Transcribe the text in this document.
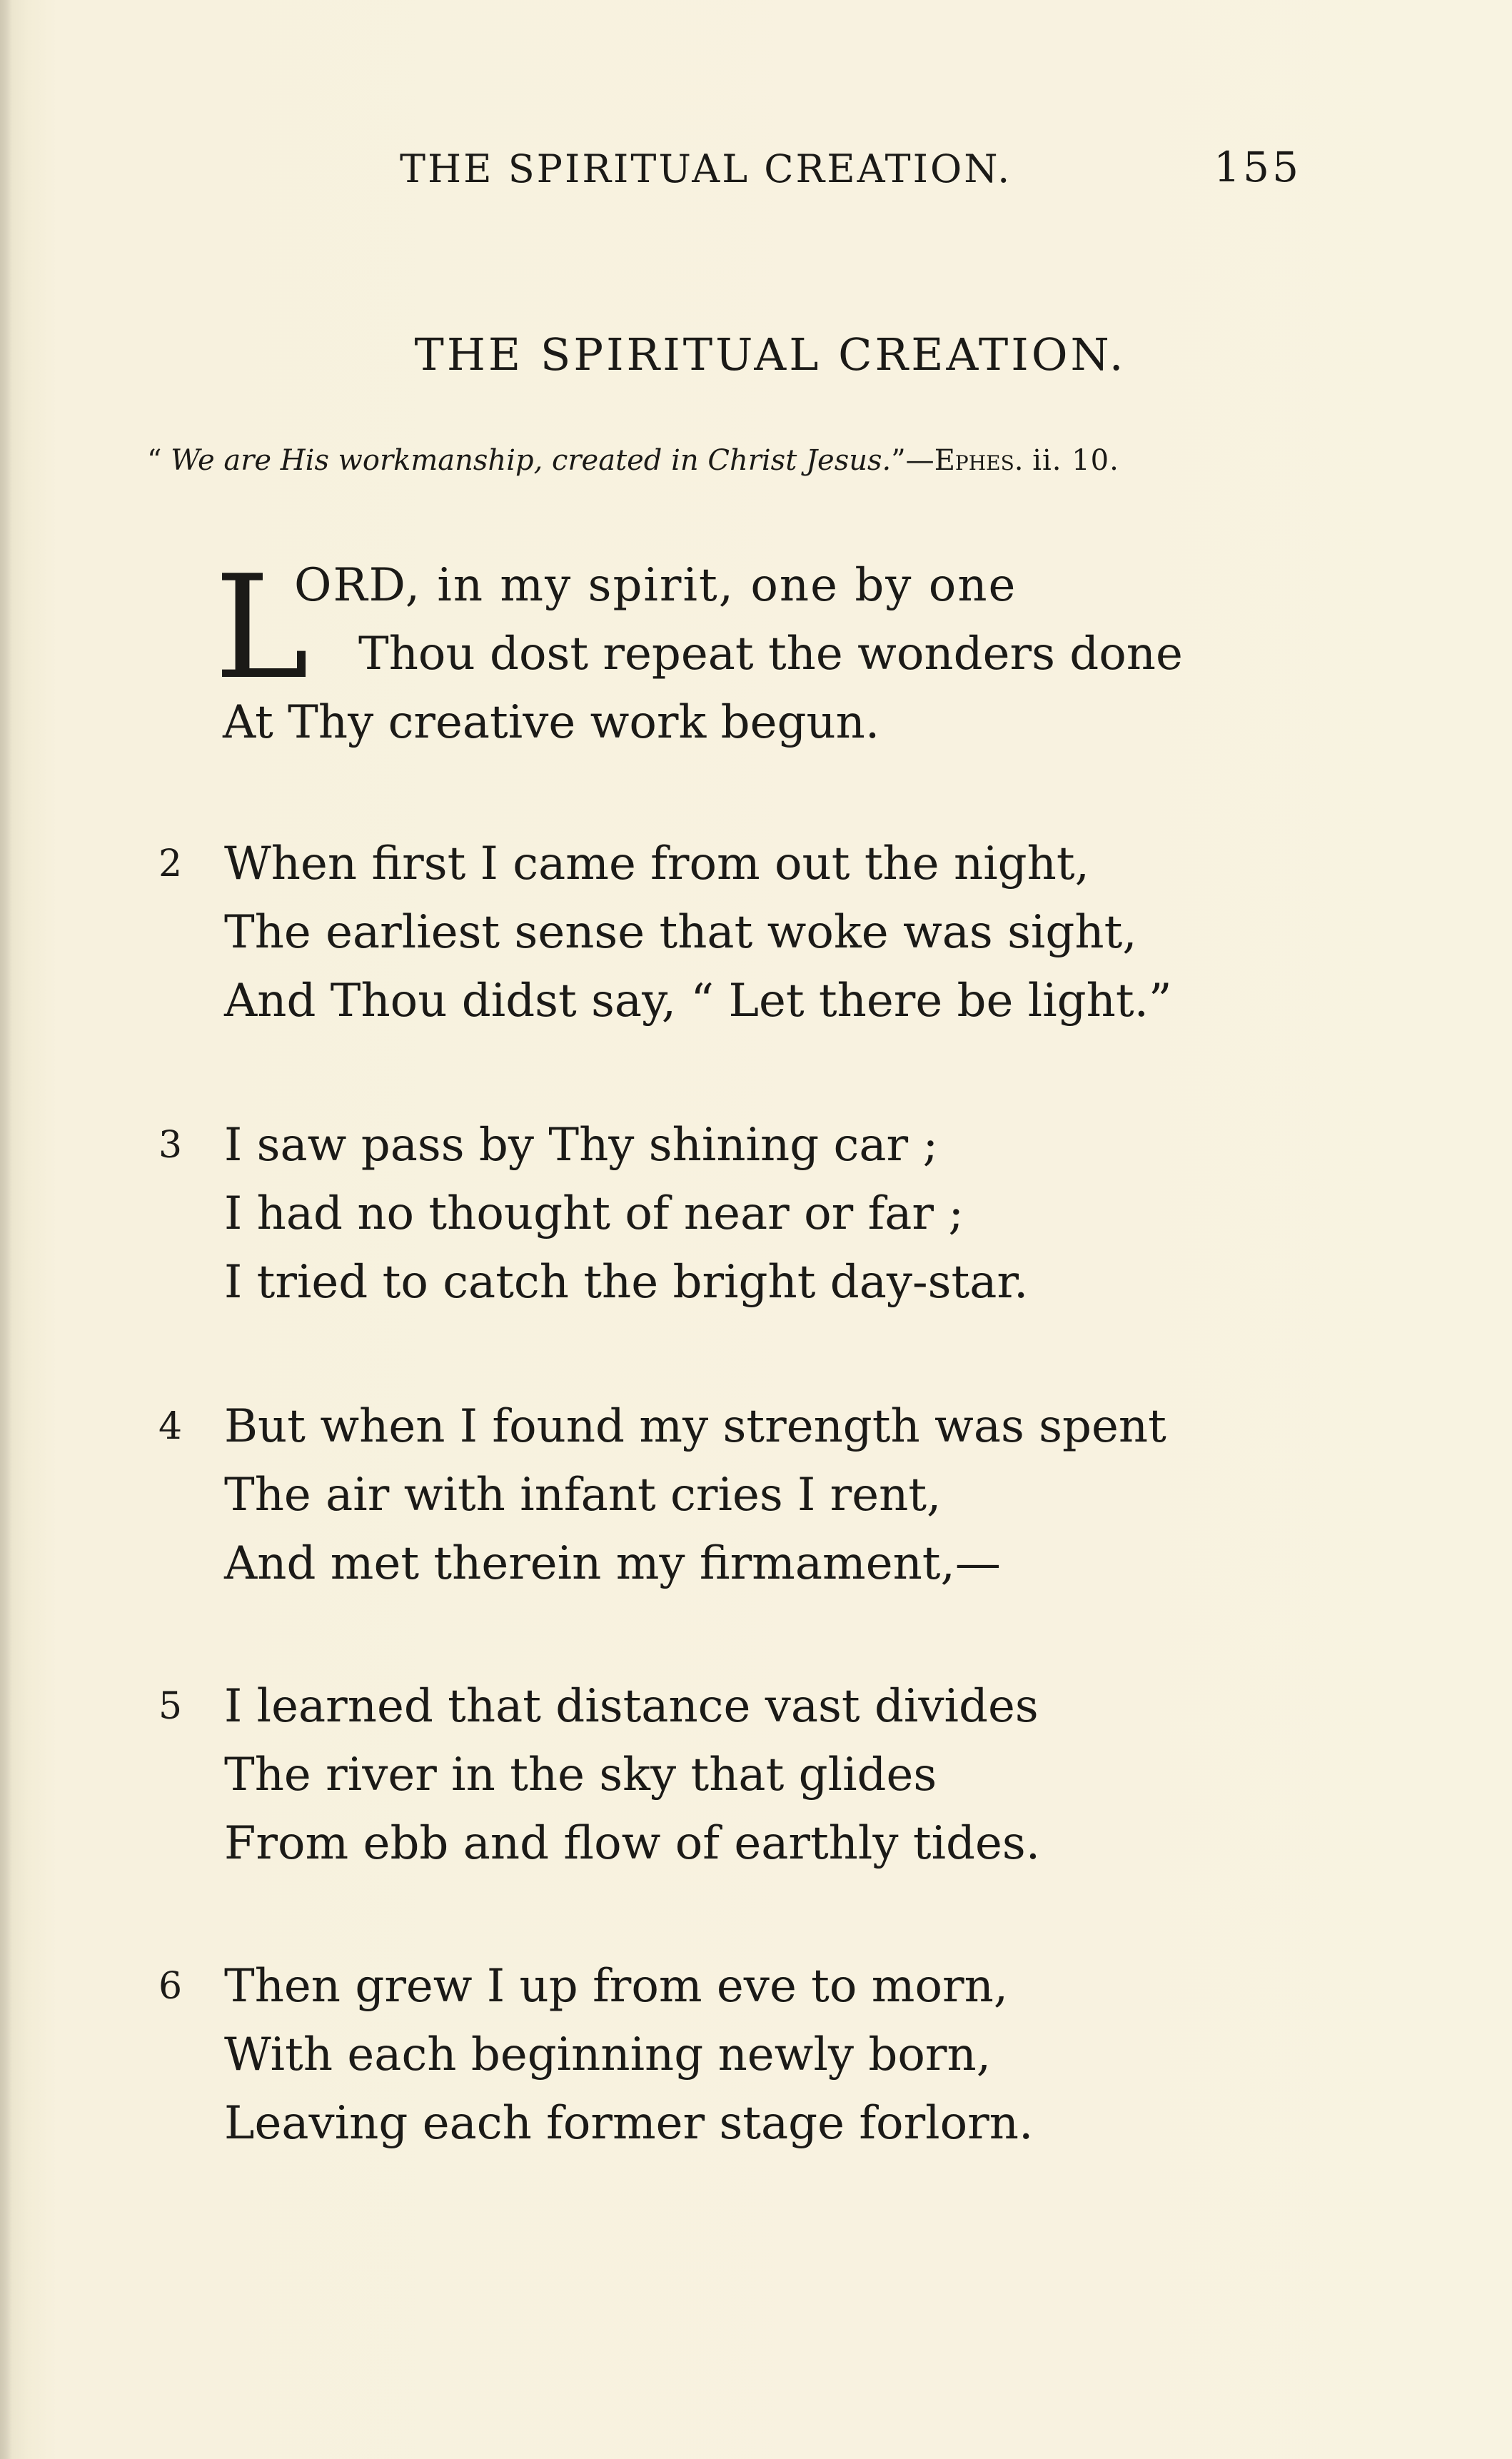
THE SPIRITUAL CREATION.	155
THE SPIRITUAL CREATION.
“ We are His workmanship, created in Christ Jesus.”—Ephes. ii. 10.
L
ORD, in my spirit, one by one
Thou dost repeat the wonders done
At Thy creative work begun.
2 When first I came from out the night,
The earliest sense that woke was sight,
And Thou didst say, “ Let there be light.”
3 I saw pass by Thy shining car ;
I had no thought of near or far ;
I tried to catch the bright day-star.
4 But when I found my strength was spent
The air with infant cries I rent,
And met therein my firmament,—
5 I learned that distance vast divides
The river in the sky that glides
From ebb and flow of earthly tides.
6 Then grew I up from eve to morn,
With each beginning newly born,
Leaving each former stage forlorn.
